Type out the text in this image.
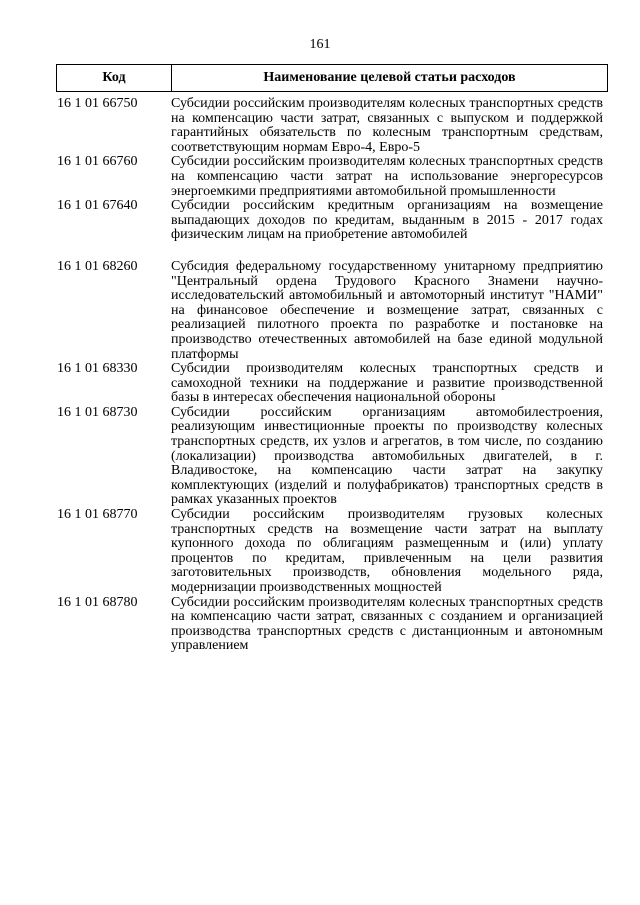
161
Код	Наименование целевой статьи расходов
16 1 01 66750	Субсидии российским производителям колесных транспортных средств на компенсацию части затрат, связанных с выпуском и поддержкой гарантийных обязательств по колесным транспортным средствам, соответствующим нормам Евро-4, Евро-5
16 1 01 66760	Субсидии российским производителям колесных транспортных средств на компенсацию части затрат на использование энергоресурсов энергоемкими предприятиями автомобильной промышленности
16 1 01 67640	Субсидии российским кредитным организациям на возмещение выпадающих доходов по кредитам, выданным в 2015 - 2017 годах физическим лицам на приобретение автомобилей
16 1 01 68260	Субсидия федеральному государственному унитарному предприятию "Центральный ордена Трудового Красного Знамени научно-исследовательский автомобильный и автомоторный институт "НАМИ" на финансовое обеспечение и возмещение затрат, связанных с реализацией пилотного проекта по разработке и постановке на производство отечественных автомобилей на базе единой модульной платформы
16 1 01 68330	Субсидии производителям колесных транспортных средств и самоходной техники на поддержание и развитие производственной базы в интересах обеспечения национальной обороны
16 1 01 68730	Субсидии российским организациям автомобилестроения, реализующим инвестиционные проекты по производству колесных транспортных средств, их узлов и агрегатов, в том числе, по созданию (локализации) производства автомобильных двигателей, в г. Владивостоке, на компенсацию части затрат на закупку комплектующих (изделий и полуфабрикатов) транспортных средств в рамках указанных проектов
16 1 01 68770	Субсидии российским производителям грузовых колесных транспортных средств на возмещение части затрат на выплату купонного дохода по облигациям размещенным и (или) уплату процентов по кредитам, привлеченным на цели развития заготовительных производств, обновления модельного ряда, модернизации производственных мощностей
16 1 01 68780	Субсидии российским производителям колесных транспортных средств на компенсацию части затрат, связанных с созданием и организацией производства транспортных средств с дистанционным и автономным управлением
